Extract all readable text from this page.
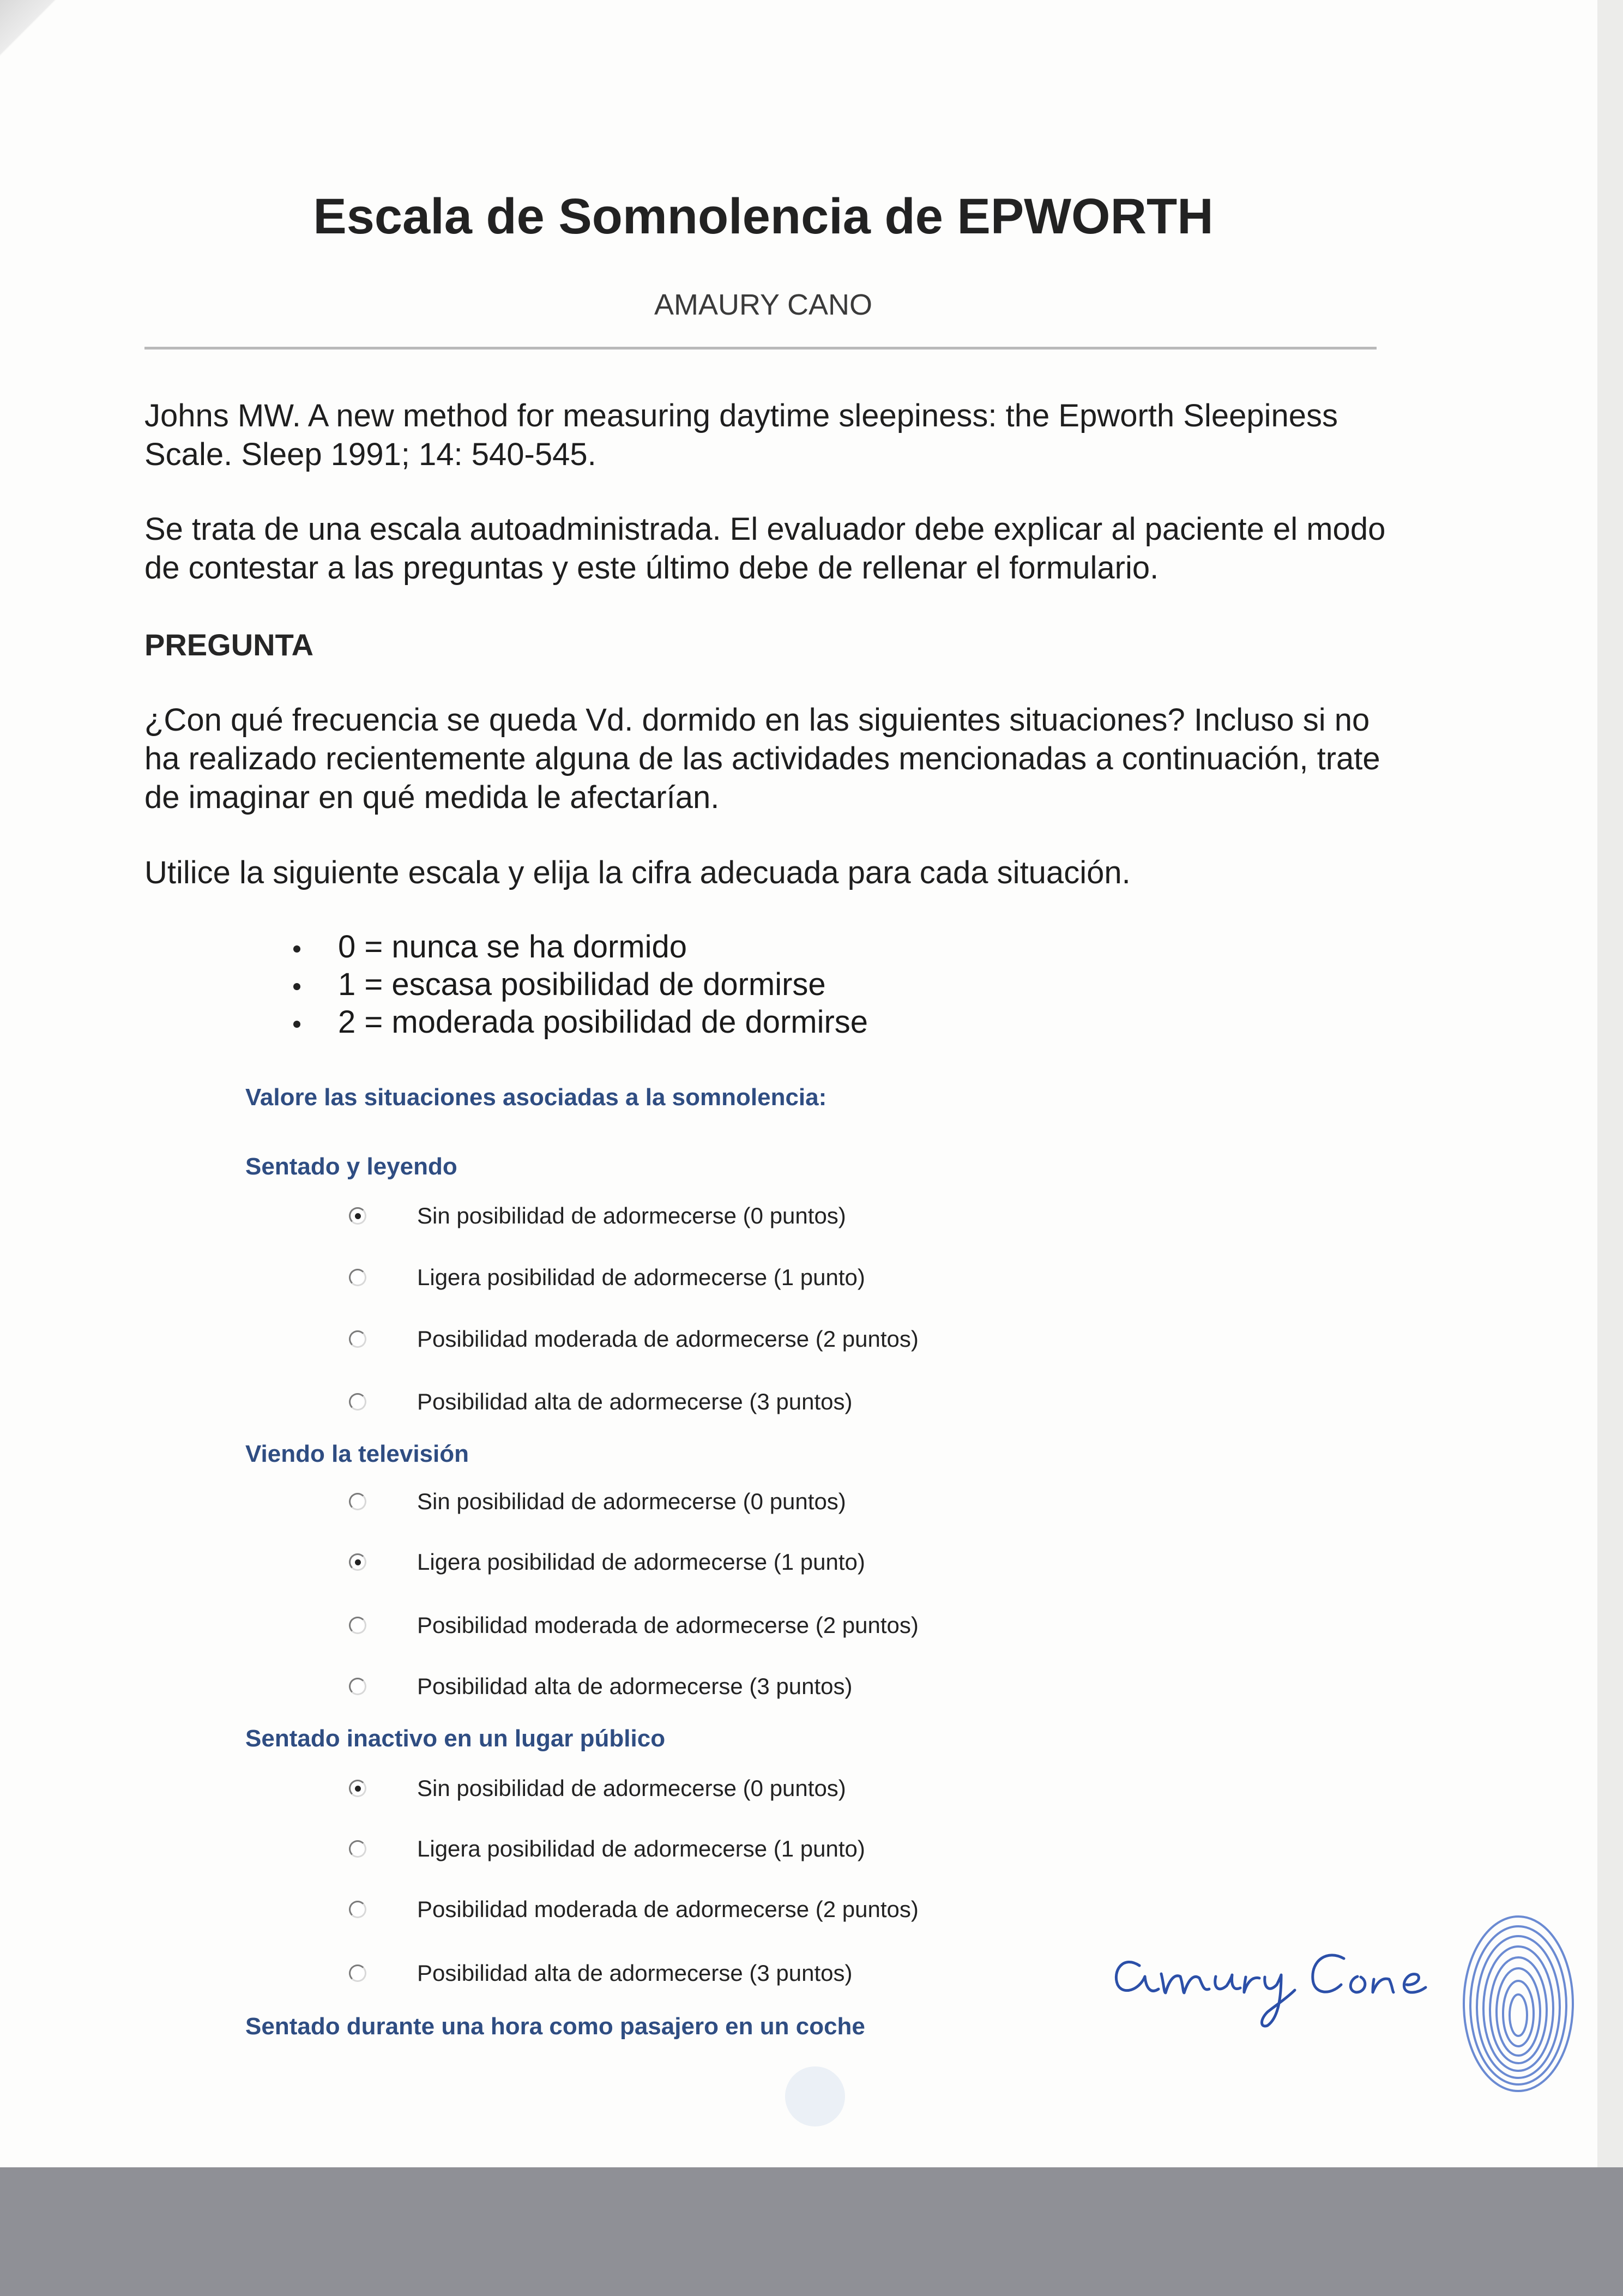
Escala de Somnolencia de EPWORTH
AMAURY CANO
Johns MW. A new method for measuring daytime sleepiness: the Epworth Sleepiness Scale. Sleep 1991; 14: 540-545.
Se trata de una escala autoadministrada. El evaluador debe explicar al paciente el modo de contestar a las preguntas y este último debe de rellenar el formulario.
PREGUNTA
¿Con qué frecuencia se queda Vd. dormido en las siguientes situaciones? Incluso si no ha realizado recientemente alguna de las actividades mencionadas a continuación, trate de imaginar en qué medida le afectarían.
Utilice la siguiente escala y elija la cifra adecuada para cada situación.
0 = nunca se ha dormido
1 = escasa posibilidad de dormirse
2 = moderada posibilidad de dormirse
Valore las situaciones asociadas a la somnolencia:
Sentado y leyendo
Sin posibilidad de adormecerse (0 puntos)
Ligera posibilidad de adormecerse (1 punto)
Posibilidad moderada de adormecerse (2 puntos)
Posibilidad alta de adormecerse (3 puntos)
Viendo la televisión
Sin posibilidad de adormecerse (0 puntos)
Ligera posibilidad de adormecerse (1 punto)
Posibilidad moderada de adormecerse (2 puntos)
Posibilidad alta de adormecerse (3 puntos)
Sentado inactivo en un lugar público
Sin posibilidad de adormecerse (0 puntos)
Ligera posibilidad de adormecerse (1 punto)
Posibilidad moderada de adormecerse (2 puntos)
Posibilidad alta de adormecerse (3 puntos)
Sentado durante una hora como pasajero en un coche
